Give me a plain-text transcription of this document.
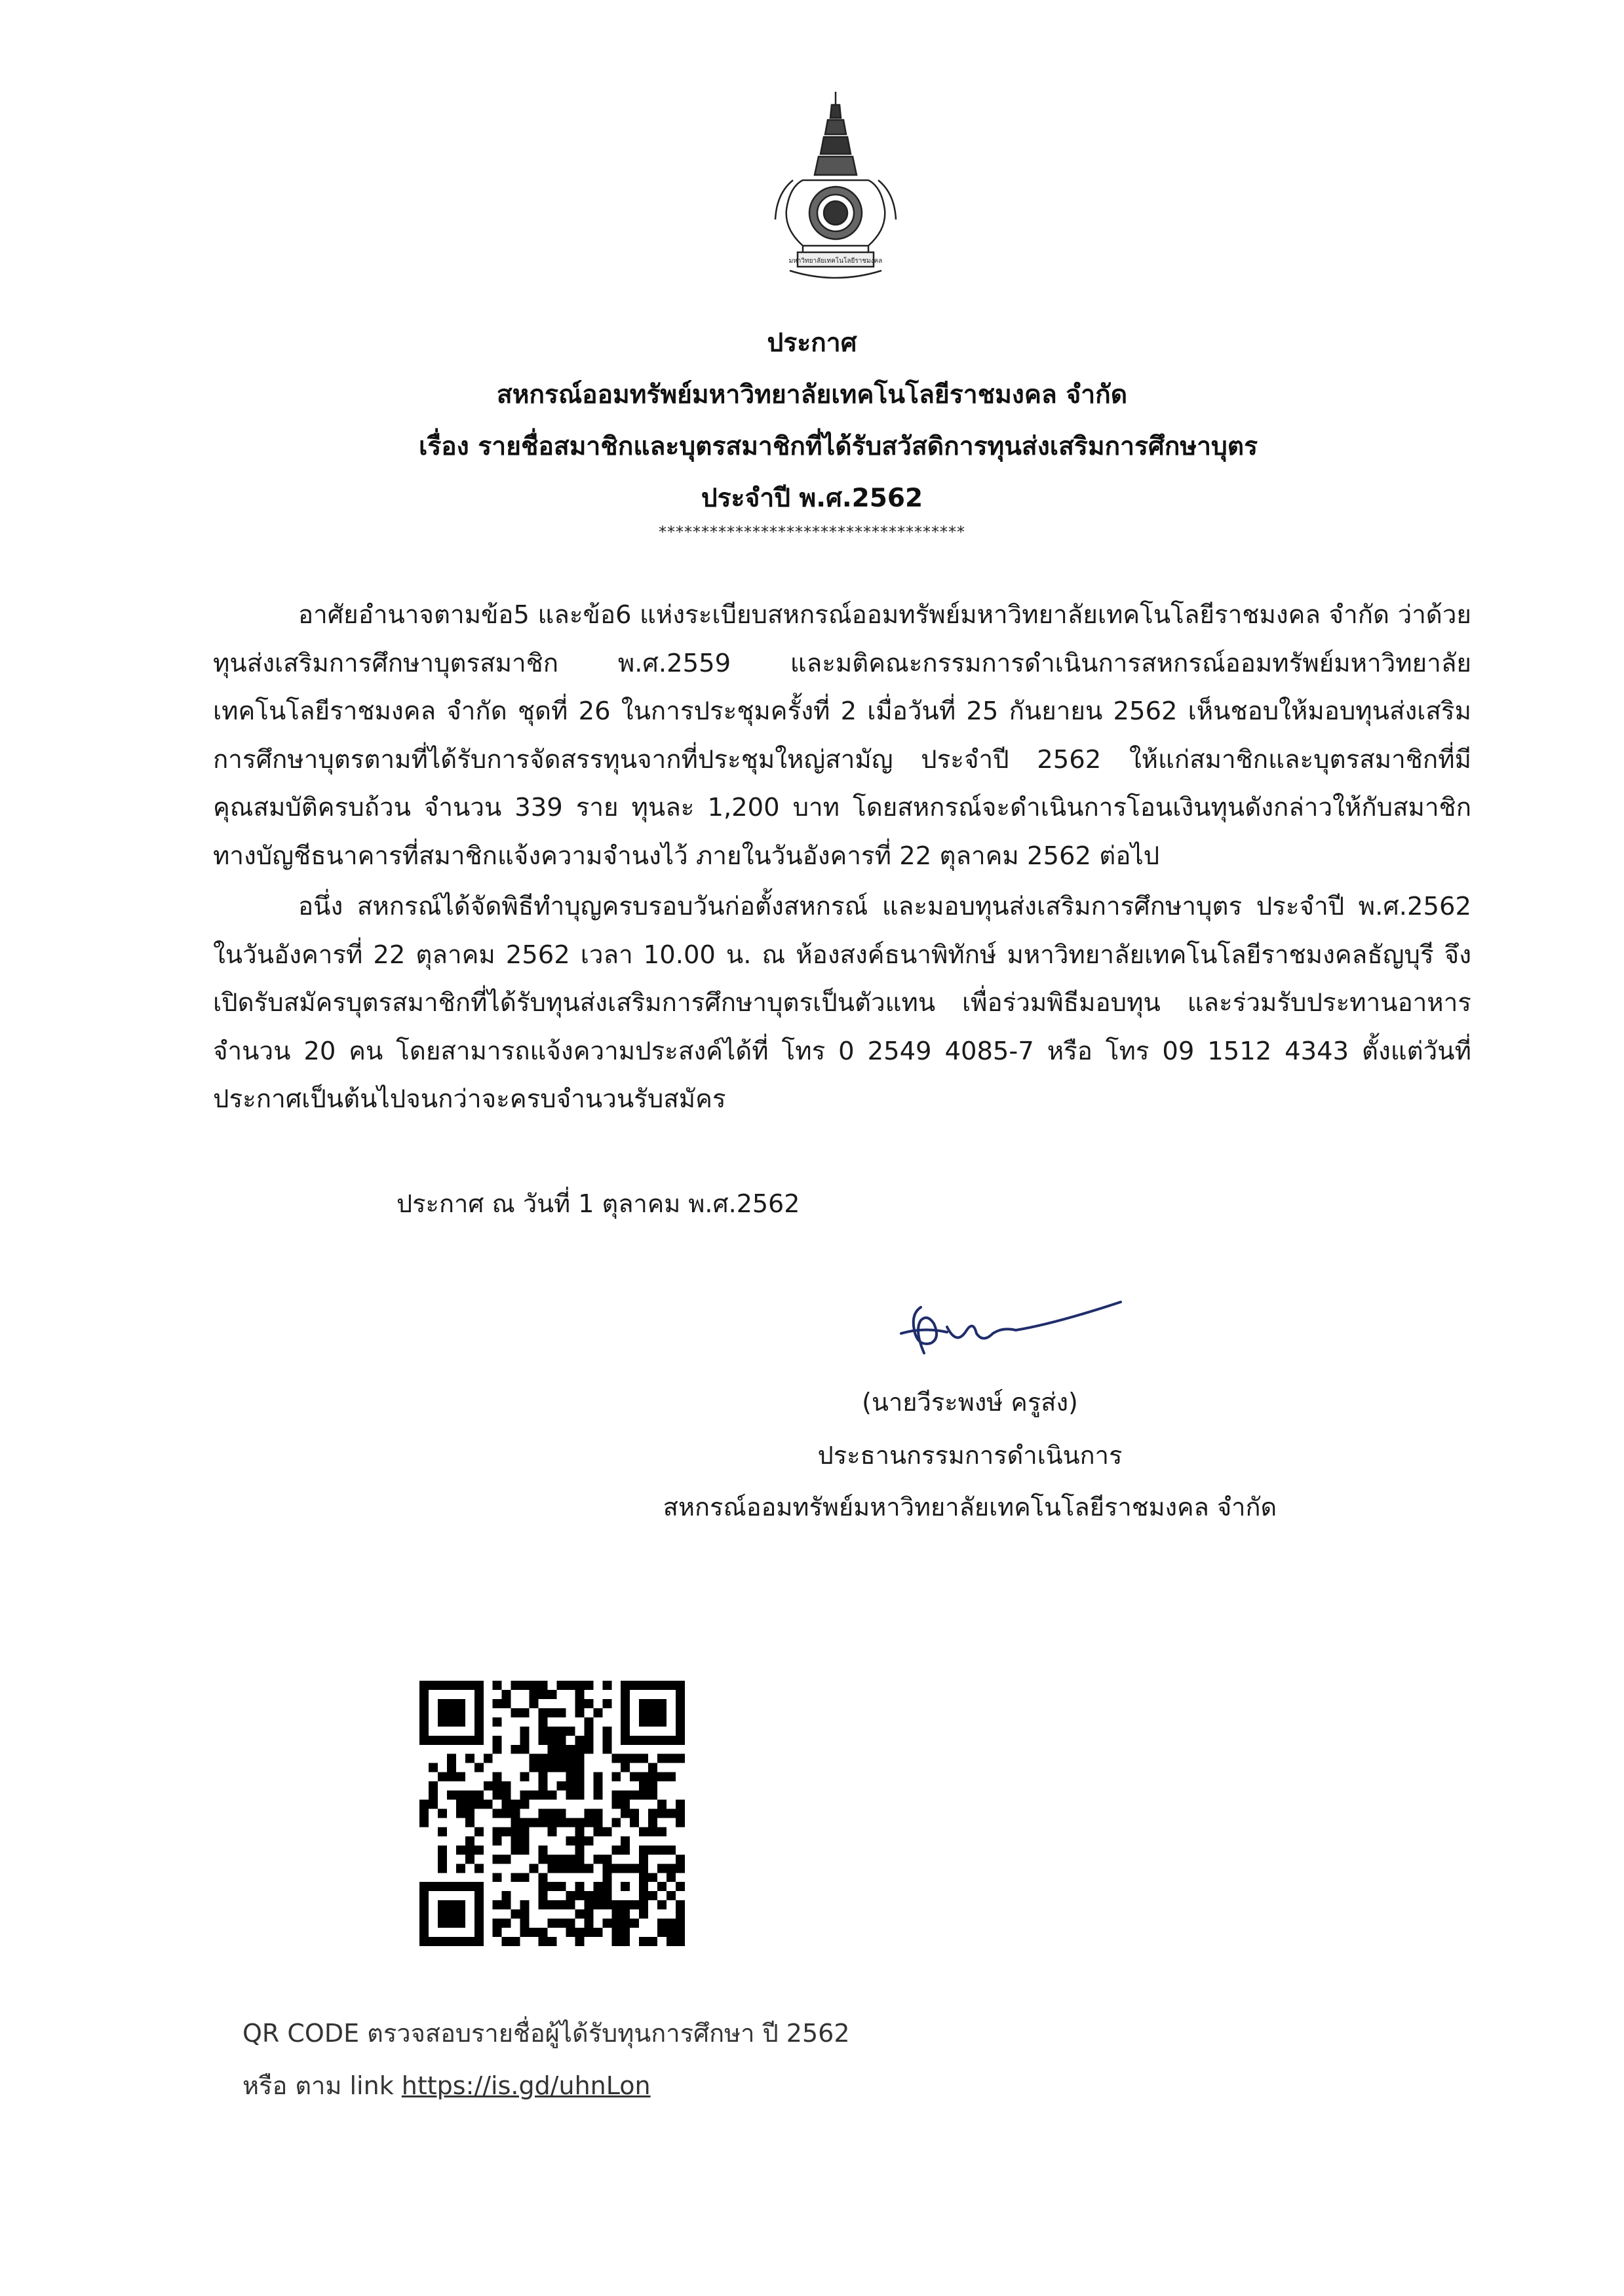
มหาวิทยาลัยเทคโนโลยีราชมงคล
ประกาศ
สหกรณ์ออมทรัพย์มหาวิทยาลัยเทคโนโลยีราชมงคล จำกัด
เรื่อง รายชื่อสมาชิกและบุตรสมาชิกที่ได้รับสวัสดิการทุนส่งเสริมการศึกษาบุตร
ประจำปี พ.ศ.2562
************************************
อาศัยอำนาจตามข้อ5 และข้อ6 แห่งระเบียบสหกรณ์ออมทรัพย์มหาวิทยาลัยเทคโนโลยีราชมงคล จำกัด ว่าด้วยทุนส่งเสริมการศึกษาบุตรสมาชิก พ.ศ.2559 และมติคณะกรรมการดำเนินการสหกรณ์ออมทรัพย์มหาวิทยาลัยเทคโนโลยีราชมงคล จำกัด ชุดที่ 26 ในการประชุมครั้งที่ 2 เมื่อวันที่ 25 กันยายน 2562 เห็นชอบให้มอบทุนส่งเสริมการศึกษาบุตรตามที่ได้รับการจัดสรรทุนจากที่ประชุมใหญ่สามัญ ประจำปี 2562 ให้แก่สมาชิกและบุตรสมาชิกที่มีคุณสมบัติครบถ้วน จำนวน 339 ราย ทุนละ 1,200 บาท โดยสหกรณ์จะดำเนินการโอนเงินทุนดังกล่าวให้กับสมาชิกทางบัญชีธนาคารที่สมาชิกแจ้งความจำนงไว้ ภายในวันอังคารที่ 22 ตุลาคม 2562 ต่อไป
อนึ่ง สหกรณ์ได้จัดพิธีทำบุญครบรอบวันก่อตั้งสหกรณ์ และมอบทุนส่งเสริมการศึกษาบุตร ประจำปี พ.ศ.2562 ในวันอังคารที่ 22 ตุลาคม 2562 เวลา 10.00 น. ณ ห้องสงค์ธนาพิทักษ์ มหาวิทยาลัยเทคโนโลยีราชมงคลธัญบุรี จึงเปิดรับสมัครบุตรสมาชิกที่ได้รับทุนส่งเสริมการศึกษาบุตรเป็นตัวแทน เพื่อร่วมพิธีมอบทุน และร่วมรับประทานอาหาร จำนวน 20 คน โดยสามารถแจ้งความประสงค์ได้ที่ โทร 0 2549 4085-7 หรือ โทร 09 1512 4343 ตั้งแต่วันที่ประกาศเป็นต้นไปจนกว่าจะครบจำนวนรับสมัคร
ประกาศ ณ วันที่ 1 ตุลาคม พ.ศ.2562
(นายวีระพงษ์ ครูส่ง)
ประธานกรรมการดำเนินการ
สหกรณ์ออมทรัพย์มหาวิทยาลัยเทคโนโลยีราชมงคล จำกัด
QR CODE ตรวจสอบรายชื่อผู้ได้รับทุนการศึกษา ปี 2562
หรือ ตาม link https://is.gd/uhnLon
